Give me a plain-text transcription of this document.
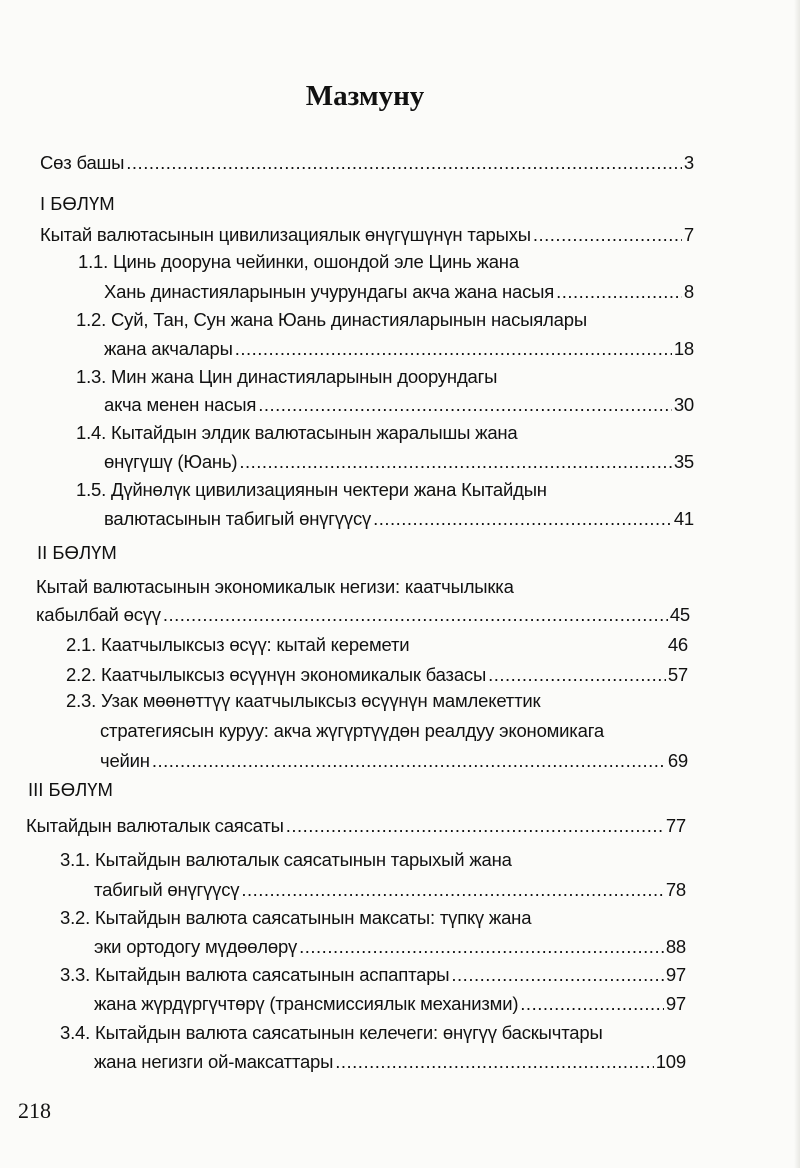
Мазмуну
Сөз башы .....	3
I БӨЛҮМ
Кытай валютасынын цивилизациялык өнүгүшүнүн тарыхы .....	7
1.1. Цинь дооруна чейинки, ошондой эле Цинь жана
Хань династияларынын учурундагы акча жана насыя .....	8
1.2. Суй, Тан, Сун жана Юань династияларынын насыялары
жана акчалары .....	18
1.3. Мин жана Цин династияларынын доорундагы
акча менен насыя .....	30
1.4. Кытайдын элдик валютасынын жаралышы жана
өнүгүшү (Юань) .....	35
1.5. Дүйнөлүк цивилизациянын чектери жана Кытайдын
валютасынын табигый өнүгүүсү .....	41
II БӨЛҮМ
Кытай валютасынын экономикалык негизи: каатчылыкка
кабылбай өсүү .....	45
2.1. Каатчылыксыз өсүү: кытай керемети	46
2.2. Каатчылыксыз өсүүнүн экономикалык базасы .....	57
2.3. Узак мөөнөттүү каатчылыксыз өсүүнүн мамлекеттик
стратегиясын куруу: акча жүгүртүүдөн реалдуу экономикага
чейин .....	69
III БӨЛҮМ
Кытайдын валюталык саясаты .....	77
3.1. Кытайдын валюталык саясатынын тарыхый жана
табигый өнүгүүсү .....	78
3.2. Кытайдын валюта саясатынын максаты: түпкү жана
эки ортодогу мүдөөлөрү .....	88
3.3. Кытайдын валюта саясатынын аспаптары .....	97
жана жүрдүргүчтөрү (трансмиссиялык механизми) .....	97
3.4. Кытайдын валюта саясатынын келечеги: өнүгүү баскычтары
жана негизги ой-максаттары .....	109
218
